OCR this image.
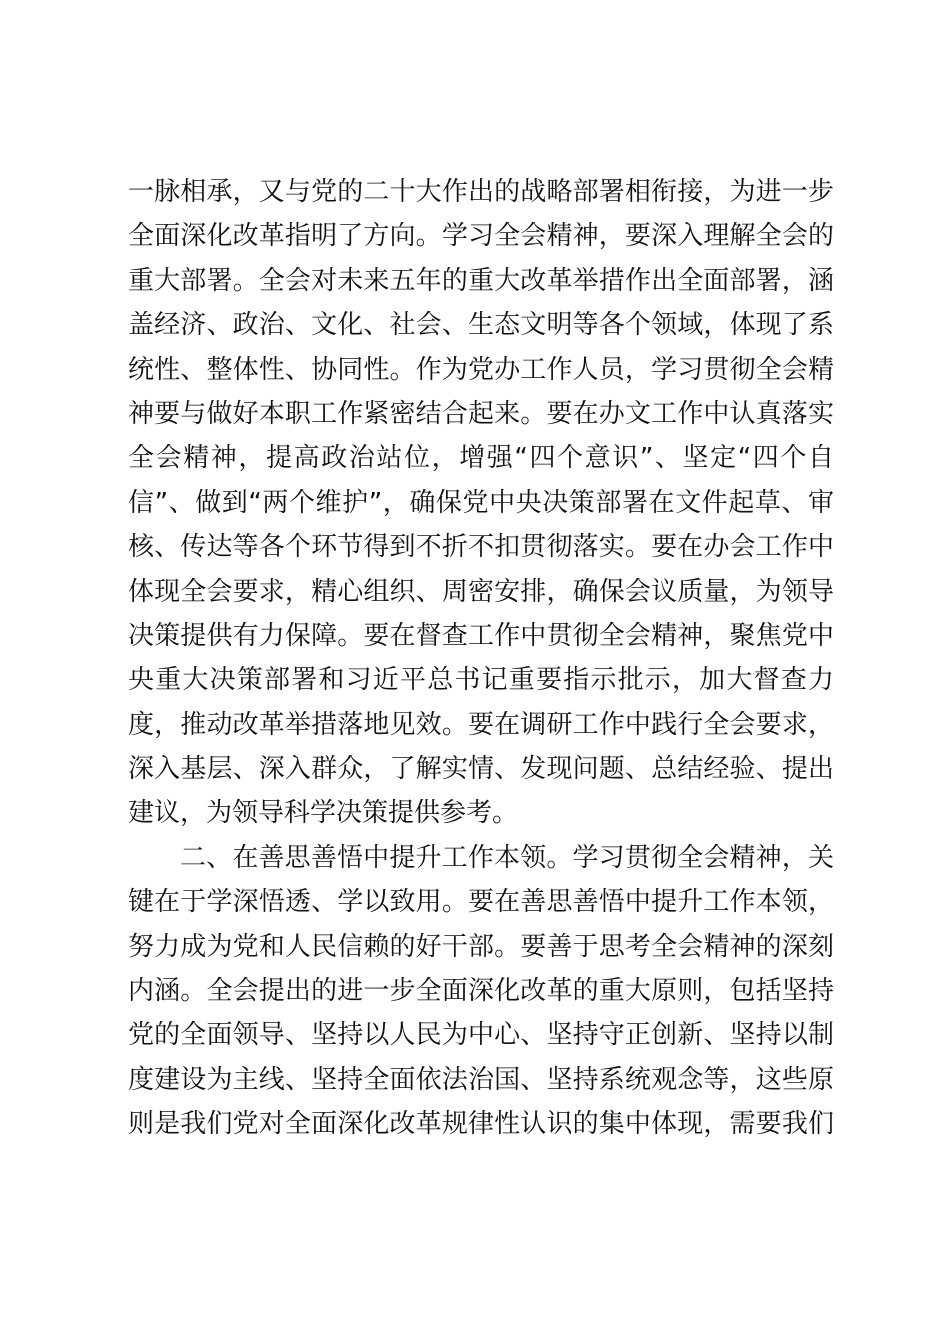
一脉相承，又与党的二十大作出的战略部署相衔接，为进一步
全面深化改革指明了方向。学习全会精神，要深入理解全会的
重大部署。全会对未来五年的重大改革举措作出全面部署，涵
盖经济、政治、文化、社会、生态文明等各个领域，体现了系
统性、整体性、协同性。作为党办工作人员，学习贯彻全会精
神要与做好本职工作紧密结合起来。要在办文工作中认真落实
全会精神，提高政治站位，增强“四个意识”、坚定“四个自
信”、做到“两个维护”，确保党中央决策部署在文件起草、审
核、传达等各个环节得到不折不扣贯彻落实。要在办会工作中
体现全会要求，精心组织、周密安排，确保会议质量，为领导
决策提供有力保障。要在督查工作中贯彻全会精神，聚焦党中
央重大决策部署和习近平总书记重要指示批示，加大督查力
度，推动改革举措落地见效。要在调研工作中践行全会要求，
深入基层、深入群众，了解实情、发现问题、总结经验、提出
建议，为领导科学决策提供参考。
二、在善思善悟中提升工作本领。学习贯彻全会精神，关
键在于学深悟透、学以致用。要在善思善悟中提升工作本领，
努力成为党和人民信赖的好干部。要善于思考全会精神的深刻
内涵。全会提出的进一步全面深化改革的重大原则，包括坚持
党的全面领导、坚持以人民为中心、坚持守正创新、坚持以制
度建设为主线、坚持全面依法治国、坚持系统观念等，这些原
则是我们党对全面深化改革规律性认识的集中体现，需要我们
